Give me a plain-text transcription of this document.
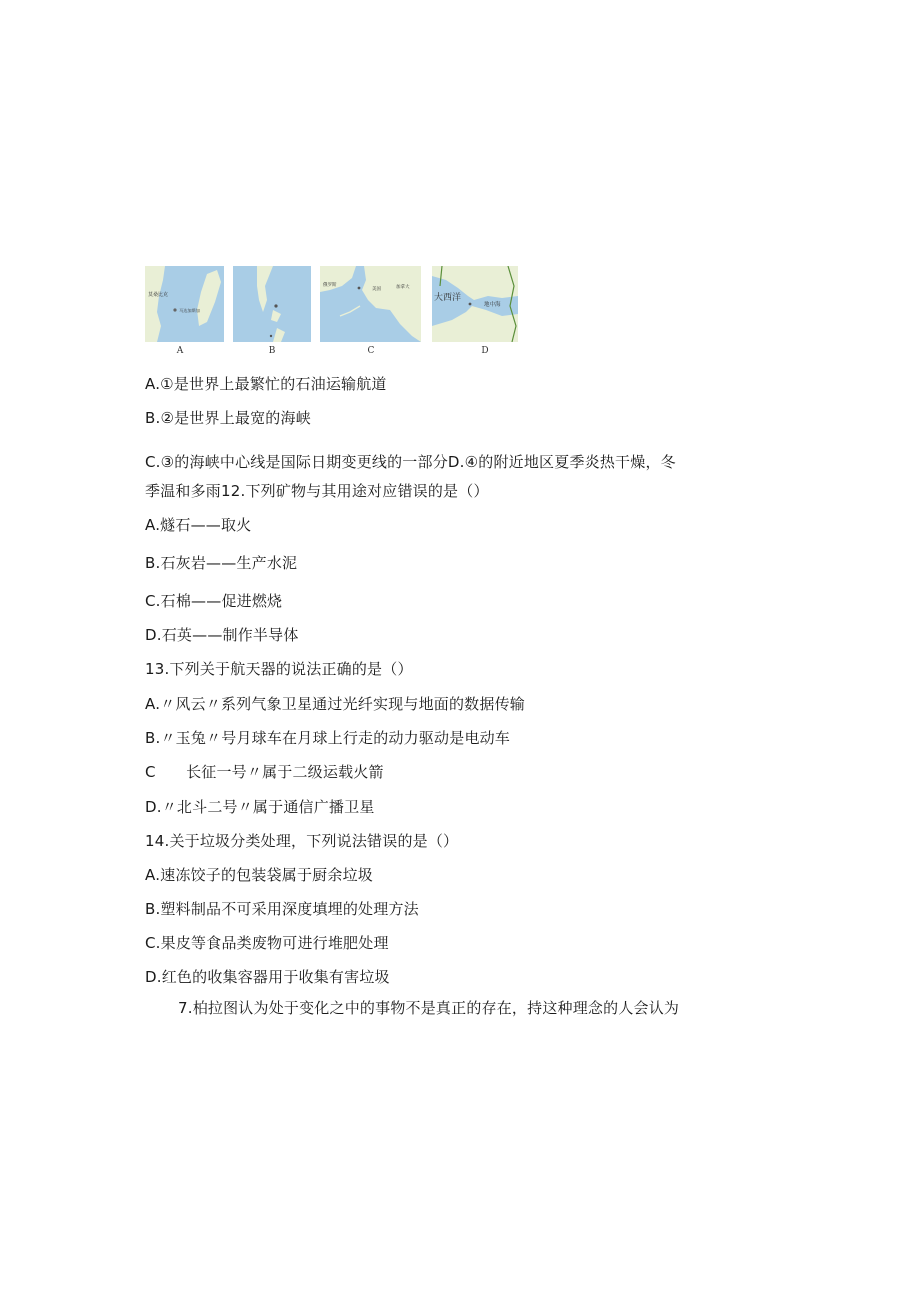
莫桑比克
马达加斯加
A	B
俄罗斯
美国	加拿大
C
大西洋
地中海
D
A.①是世界上最繁忙的石油运输航道
B.②是世界上最宽的海峡
C.③的海峡中心线是国际日期变更线的一部分D.④的附近地区夏季炎热干燥，冬
季温和多雨12.下列矿物与其用途对应错误的是（）
A.燧石——取火
B.石灰岩——生产水泥
C.石棉——促进燃烧
D.石英——制作半导体
13.下列关于航天器的说法正确的是（）
A.〃风云〃系列气象卫星通过光纤实现与地面的数据传输
B.〃玉兔〃号月球车在月球上行走的动力驱动是电动车
C　　长征一号〃属于二级运载火箭
D.〃北斗二号〃属于通信广播卫星
14.关于垃圾分类处理，下列说法错误的是（）
A.速冻饺子的包装袋属于厨余垃圾
B.塑料制品不可采用深度填埋的处理方法
C.果皮等食品类废物可进行堆肥处理
D.红色的收集容器用于收集有害垃圾
7.柏拉图认为处于变化之中的事物不是真正的存在，持这种理念的人会认为
